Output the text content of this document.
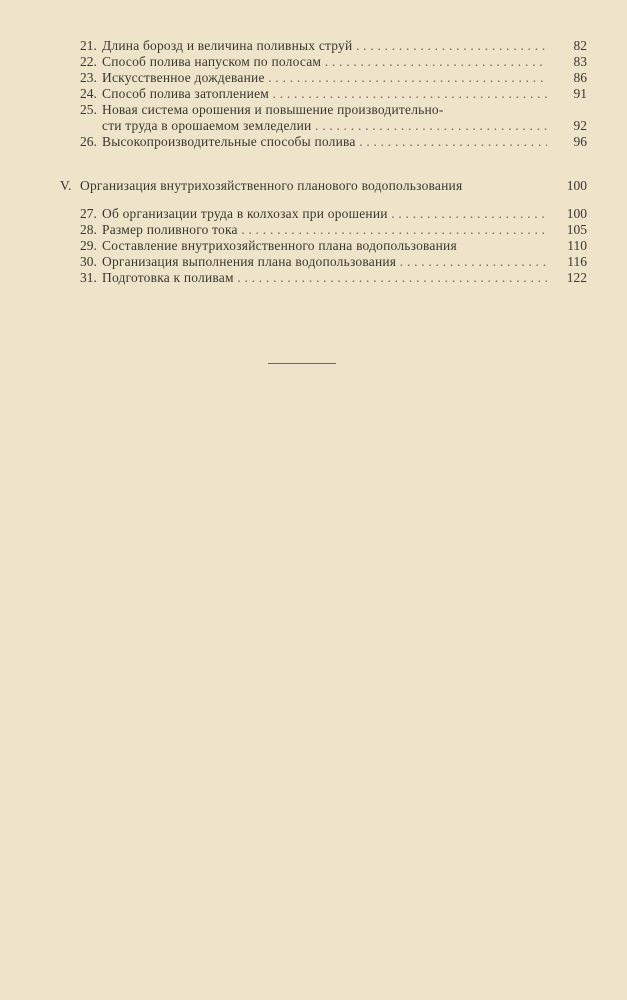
21. Длина борозд и величина поливных струй . . .	82
22. Способ полива напуском по полосам . . .	83
23. Искусственное дождевание . . .	86
24. Способ полива затоплением . . .	91
25. Новая система орошения и повышение производительно-
сти труда в орошаемом земледелии . . .	92
26. Высокопроизводительные способы полива . . .	96
V. Организация внутрихозяйственного планового водопользования	100
27. Об организации труда в колхозах при орошении . . .	100
28. Размер поливного тока . . .	105
29. Составление внутрихозяйственного плана водопользования	110
30. Организация выполнения плана водопользования . . .	116
31. Подготовка к поливам . . .	122
